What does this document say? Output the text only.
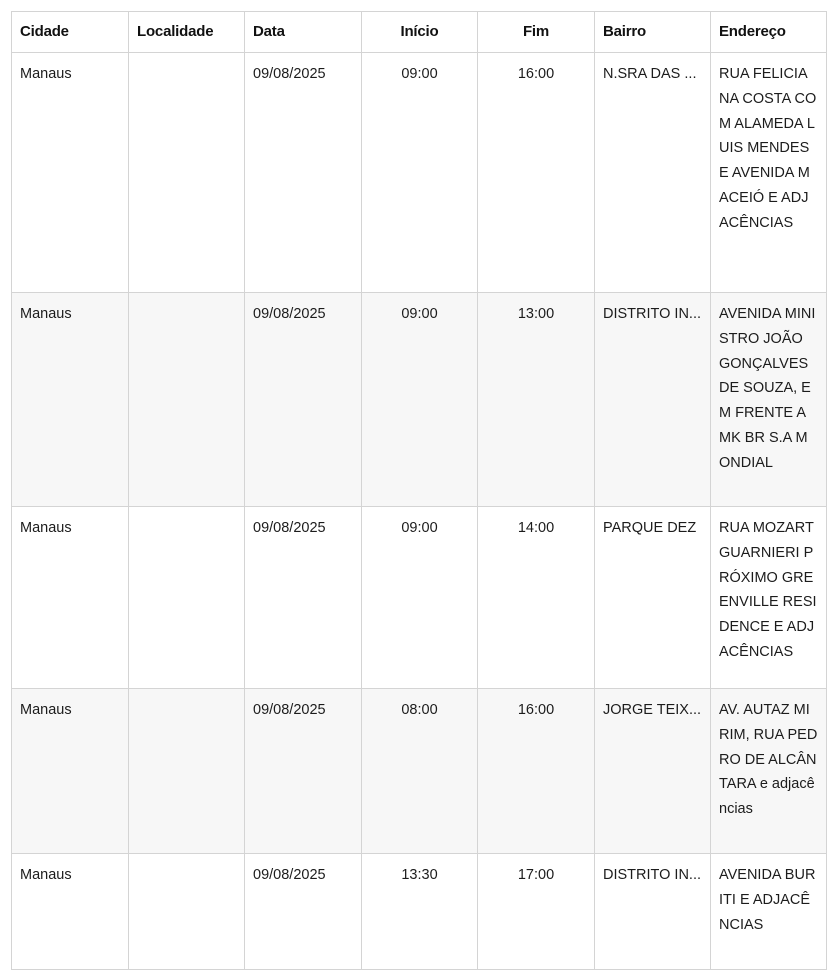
Cidade	Localidade	Data	Início	Fim	Bairro	Endereço
Manaus		09/08/2025	09:00	16:00	N.SRA DAS ...	RUA FELICIANA COSTA COM ALAMEDA LUIS MENDES E AVENIDA MACEIÓ E ADJACÊNCIAS
Manaus		09/08/2025	09:00	13:00	DISTRITO IN...	AVENIDA MINISTRO JOÃO GONÇALVES DE SOUZA, EM FRENTE A MK BR S.A MONDIAL
Manaus		09/08/2025	09:00	14:00	PARQUE DEZ	RUA MOZART GUARNIERI PRÓXIMO GREENVILLE RESIDENCE E ADJACÊNCIAS
Manaus		09/08/2025	08:00	16:00	JORGE TEIX...	AV. AUTAZ MIRIM, RUA PEDRO DE ALCÂNTARA e adjacências
Manaus		09/08/2025	13:30	17:00	DISTRITO IN...	AVENIDA BURITI E ADJACÊNCIAS
